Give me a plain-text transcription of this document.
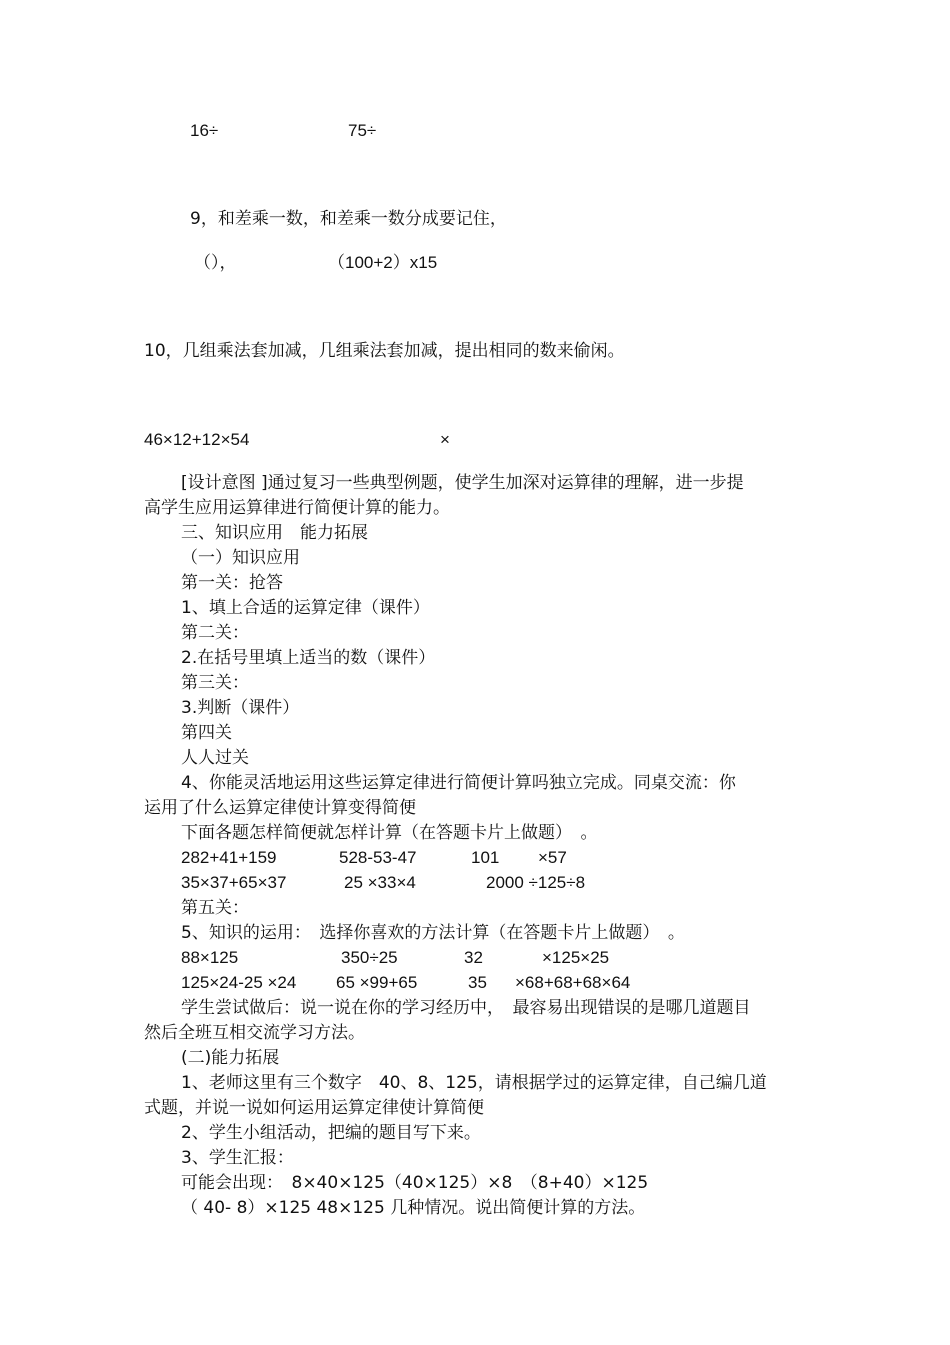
16÷	75÷
9，和差乘一数，和差乘一数分成要记住，
（），	（100+2）x15
10，几组乘法套加减，几组乘法套加减，提出相同的数来偷闲。
46×12+12×54	×
[设计意图 ]通过复习一些典型例题，使学生加深对运算律的理解，进一步提
高学生应用运算律进行简便计算的能力。
三、知识应用　能力拓展
（一）知识应用
第一关：抢答
1、填上合适的运算定律（课件）
第二关：
2.在括号里填上适当的数（课件）
第三关：
3.判断（课件）
第四关
人人过关
4、你能灵活地运用这些运算定律进行简便计算吗独立完成。同桌交流：你
运用了什么运算定律使计算变得简便
下面各题怎样简便就怎样计算（在答题卡片上做题）　。
282+41+159	528-53-47	101 ×57
35×37+65×37	25 ×33×4	2000 ÷125÷8
第五关：
5、知识的运用：　选择你喜欢的方法计算（在答题卡片上做题）　。
88×125	350÷25	32	×125×25
125×24-25 ×24 65 ×99+65	35 ×68+68+68×64
学生尝试做后：说一说在你的学习经历中，　最容易出现错误的是哪几道题目
然后全班互相交流学习方法。
(二)能力拓展
1、老师这里有三个数字　40、8、125，请根据学过的运算定律，自己编几道
式题，并说一说如何运用运算定律使计算简便
2、学生小组活动，把编的题目写下来。
3、学生汇报：
可能会出现：　8×40×125（40×125）×8　（8+40）×125
（ 40- 8）×125 48×125 几种情况。说出简便计算的方法。
